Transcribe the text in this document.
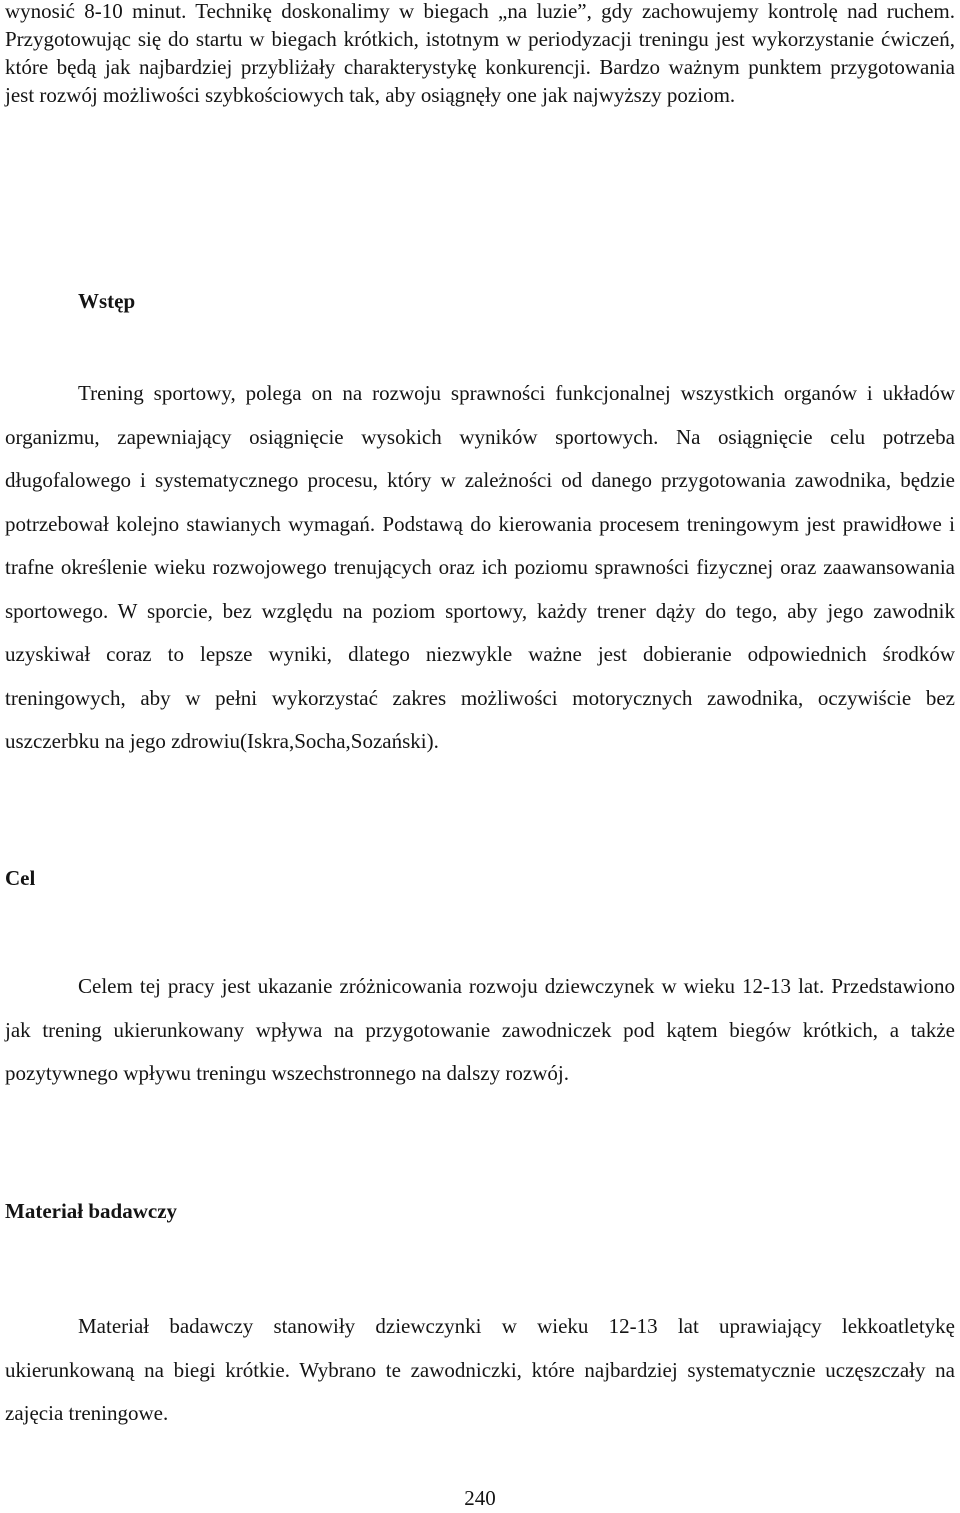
wynosić 8-10 minut. Technikę doskonalimy w biegach „na luzie”, gdy zachowujemy kontrolę nad ruchem. Przygotowując się do startu w biegach krótkich, istotnym w periodyzacji treningu jest wykorzystanie ćwiczeń, które będą jak najbardziej przybliżały charakterystykę konkurencji. Bardzo ważnym punktem przygotowania jest rozwój możliwości szybkościowych tak, aby osiągnęły one jak najwyższy poziom.

Wstęp

Trening sportowy, polega on na rozwoju sprawności funkcjonalnej wszystkich organów i układów organizmu, zapewniający osiągnięcie wysokich wyników sportowych. Na osiągnięcie celu potrzeba długofalowego i systematycznego procesu, który w zależności od danego przygotowania zawodnika, będzie potrzebował kolejno stawianych wymagań. Podstawą do kierowania procesem treningowym jest prawidłowe i trafne określenie wieku rozwojowego trenujących oraz ich poziomu sprawności fizycznej oraz zaawansowania sportowego. W sporcie, bez względu na poziom sportowy, każdy trener dąży do tego, aby jego zawodnik uzyskiwał coraz to lepsze wyniki, dlatego niezwykle ważne jest dobieranie odpowiednich środków treningowych, aby w pełni wykorzystać zakres możliwości motorycznych zawodnika, oczywiście bez uszczerbku na jego zdrowiu(Iskra,Socha,Sozański).

Cel

Celem tej pracy jest ukazanie zróżnicowania rozwoju dziewczynek w wieku 12-13 lat. Przedstawiono jak trening ukierunkowany wpływa na przygotowanie zawodniczek pod kątem biegów krótkich, a także pozytywnego wpływu treningu wszechstronnego na dalszy rozwój.

Materiał badawczy

Materiał badawczy stanowiły dziewczynki w wieku 12-13 lat uprawiający lekkoatletykę ukierunkowaną na biegi krótkie. Wybrano te zawodniczki, które najbardziej systematycznie uczęszczały na zajęcia treningowe.

240
